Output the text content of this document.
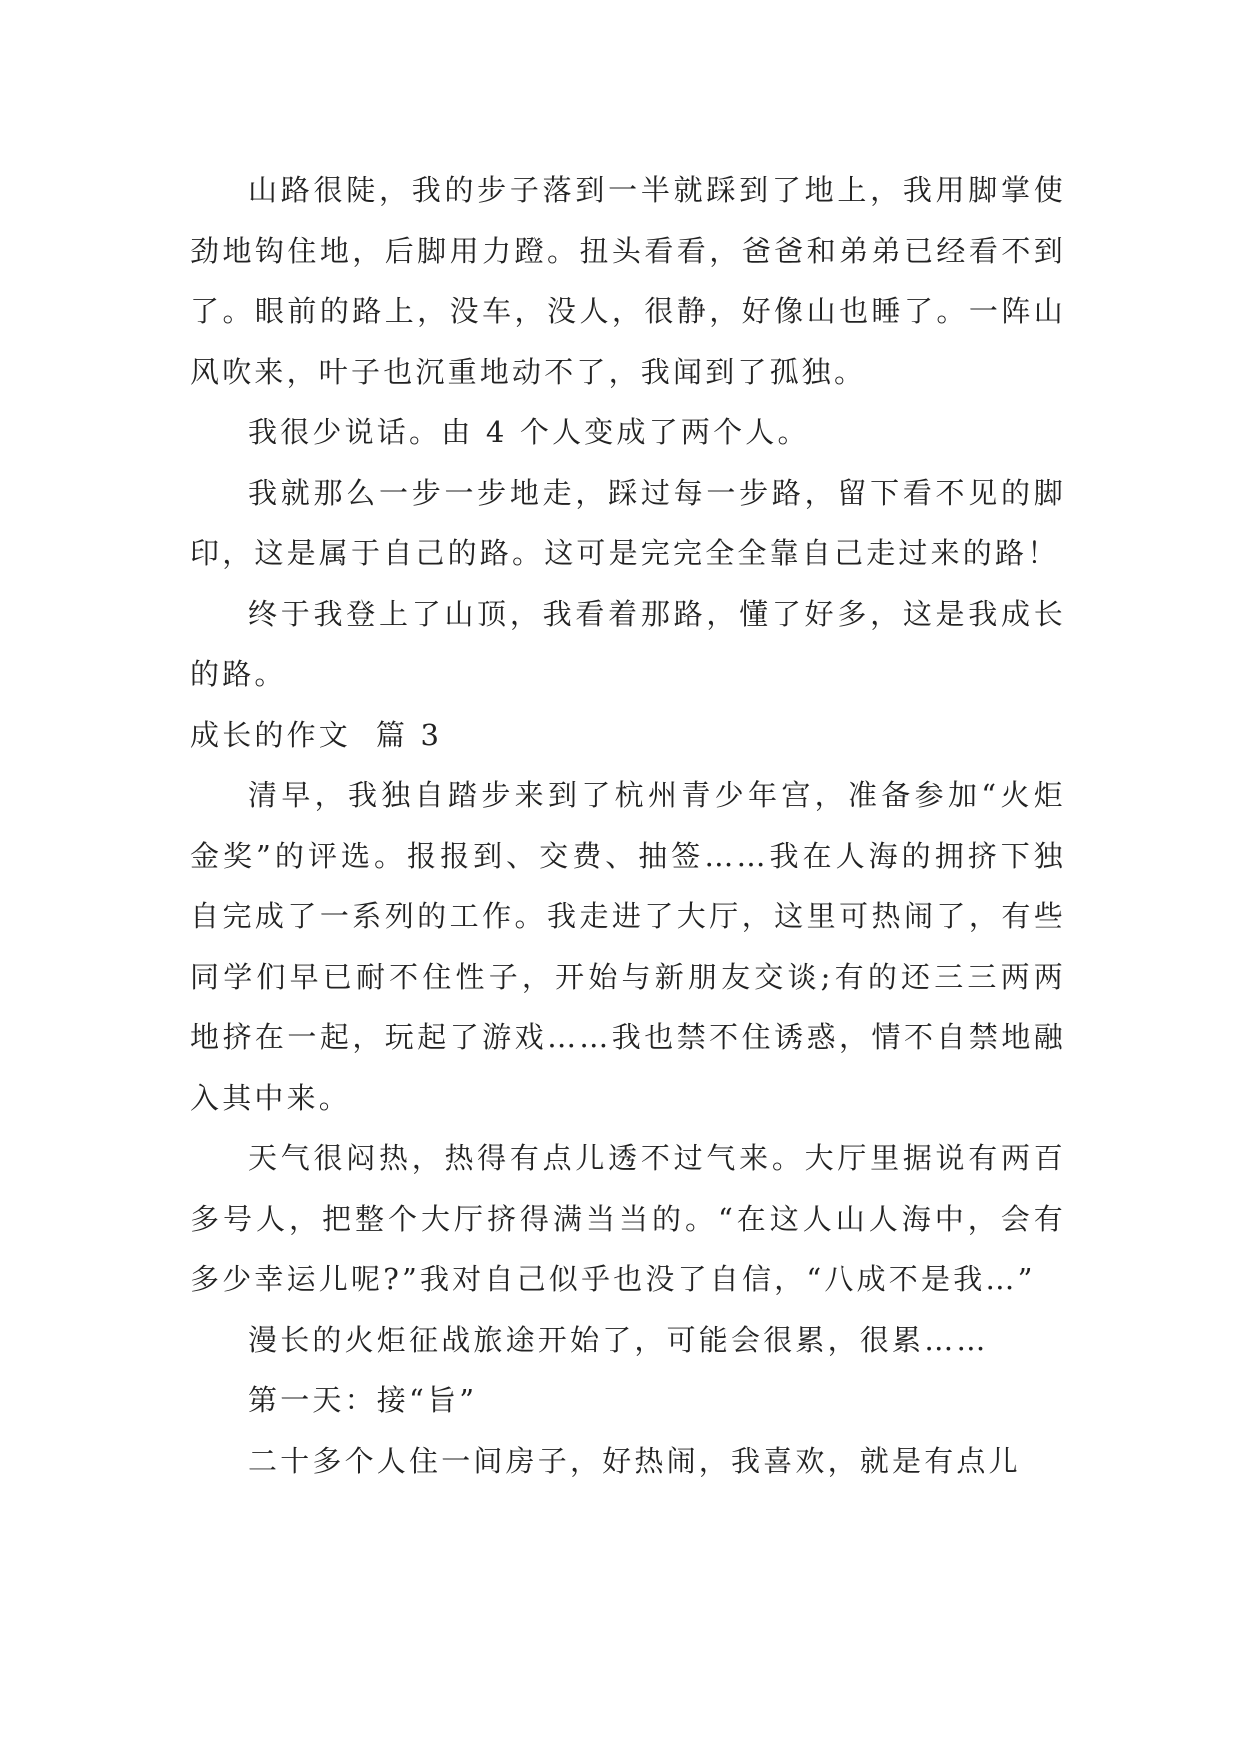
山路很陡，我的步子落到一半就踩到了地上，我用脚掌使劲地钩住地，后脚用力蹬。扭头看看，爸爸和弟弟已经看不到了。眼前的路上，没车，没人，很静，好像山也睡了。一阵山风吹来，叶子也沉重地动不了，我闻到了孤独。

我很少说话。由 4 个人变成了两个人。

我就那么一步一步地走，踩过每一步路，留下看不见的脚印，这是属于自己的路。这可是完完全全靠自己走过来的路！

终于我登上了山顶，我看着那路，懂了好多，这是我成长的路。

成长的作文  篇 3

清早，我独自踏步来到了杭州青少年宫，准备参加“火炬金奖”的评选。报报到、交费、抽签……我在人海的拥挤下独自完成了一系列的工作。我走进了大厅，这里可热闹了，有些同学们早已耐不住性子，开始与新朋友交谈;有的还三三两两地挤在一起，玩起了游戏……我也禁不住诱惑，情不自禁地融入其中来。

天气很闷热，热得有点儿透不过气来。大厅里据说有两百多号人，把整个大厅挤得满当当的。“在这人山人海中，会有多少幸运儿呢?”我对自己似乎也没了自信，“八成不是我…”

漫长的火炬征战旅途开始了，可能会很累，很累……

第一天：接“旨”

二十多个人住一间房子，好热闹，我喜欢，就是有点儿
